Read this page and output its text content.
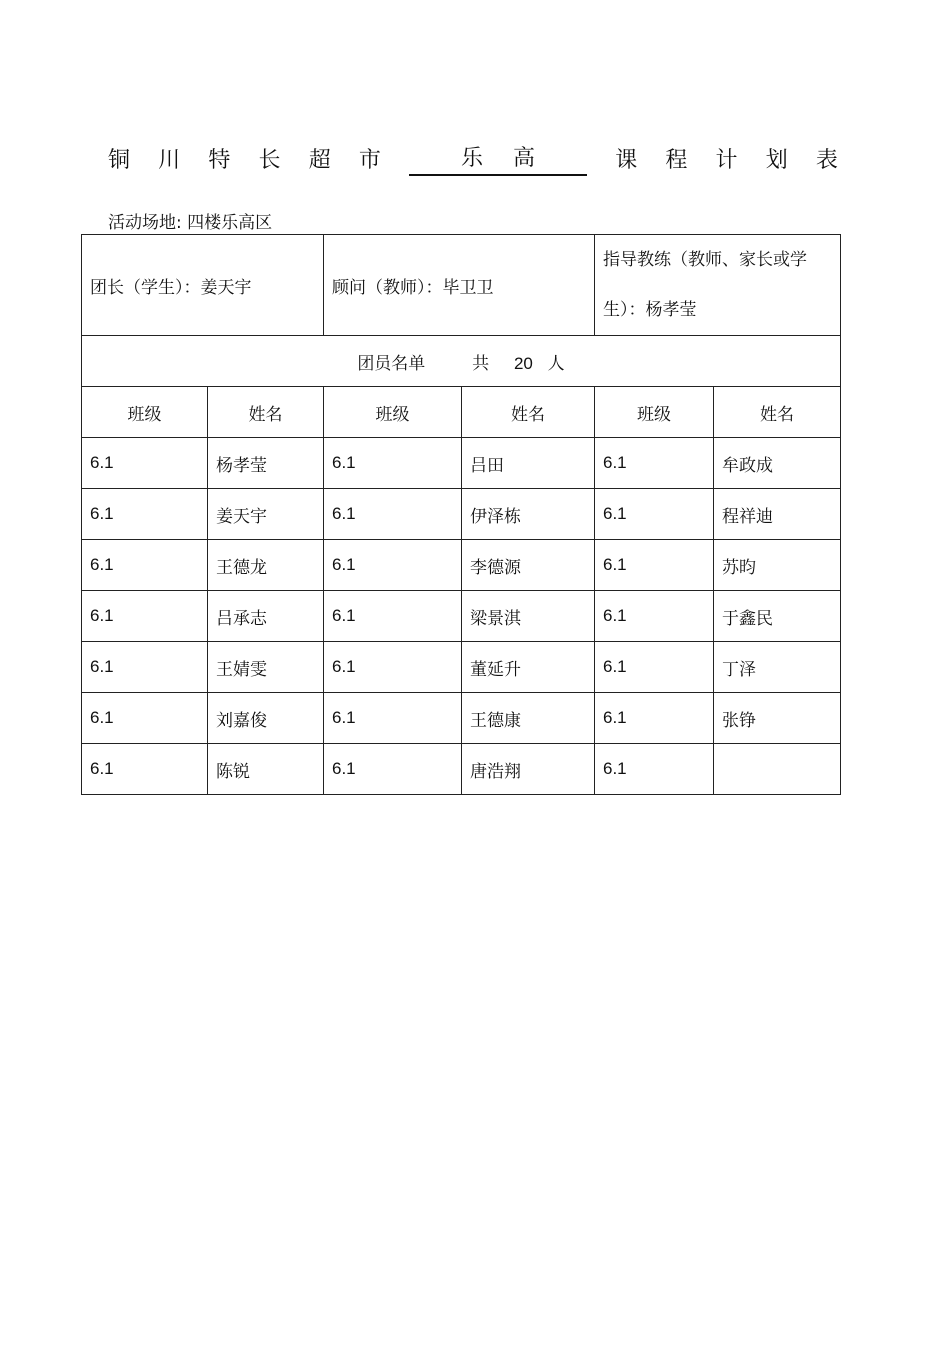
铜 川 特 长 超 市	乐高	课 程 计 划 表
活动场地: 四楼乐高区
团长（学生）：姜天宇		顾问（教师）：毕卫卫		指导教练（教师、家长或学
生）：杨孝莹	

团员名单 共 20 人					
班级	姓名	班级	姓名	班级	姓名
6.1	杨孝莹	6.1	吕田	6.1	牟政成
6.1	姜天宇	6.1	伊泽栋	6.1	程祥迪
6.1	王德龙	6.1	李德源	6.1	苏昀
6.1	吕承志	6.1	梁景淇	6.1	于鑫民
6.1	王婧雯	6.1	董延升	6.1	丁泽
6.1	刘嘉俊	6.1	王德康	6.1	张铮
6.1	陈锐	6.1	唐浩翔	6.1	
